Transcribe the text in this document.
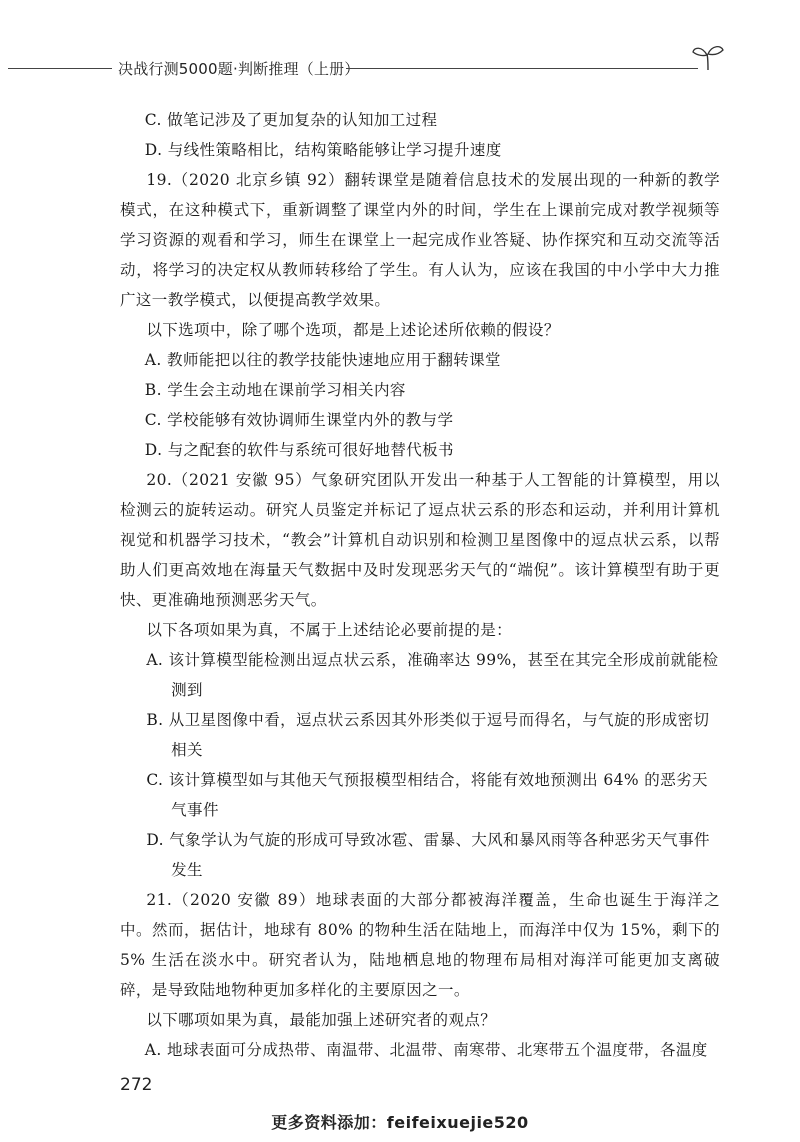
决战行测5000题·判断推理（上册）

C. 做笔记涉及了更加复杂的认知加工过程

D. 与线性策略相比，结构策略能够让学习提升速度

19.（2020 北京乡镇 92）翻转课堂是随着信息技术的发展出现的一种新的教学模式，在这种模式下，重新调整了课堂内外的时间，学生在上课前完成对教学视频等学习资源的观看和学习，师生在课堂上一起完成作业答疑、协作探究和互动交流等活动，将学习的决定权从教师转移给了学生。有人认为，应该在我国的中小学中大力推广这一教学模式，以便提高教学效果。

以下选项中，除了哪个选项，都是上述论述所依赖的假设？

A. 教师能把以往的教学技能快速地应用于翻转课堂

B. 学生会主动地在课前学习相关内容

C. 学校能够有效协调师生课堂内外的教与学

D. 与之配套的软件与系统可很好地替代板书

20.（2021 安徽 95）气象研究团队开发出一种基于人工智能的计算模型，用以检测云的旋转运动。研究人员鉴定并标记了逗点状云系的形态和运动，并利用计算机视觉和机器学习技术，“教会”计算机自动识别和检测卫星图像中的逗点状云系，以帮助人们更高效地在海量天气数据中及时发现恶劣天气的“端倪”。该计算模型有助于更快、更准确地预测恶劣天气。

以下各项如果为真，不属于上述结论必要前提的是：

A. 该计算模型能检测出逗点状云系，准确率达 99%，甚至在其完全形成前就能检测到

B. 从卫星图像中看，逗点状云系因其外形类似于逗号而得名，与气旋的形成密切相关

C. 该计算模型如与其他天气预报模型相结合，将能有效地预测出 64% 的恶劣天气事件

D. 气象学认为气旋的形成可导致冰雹、雷暴、大风和暴风雨等各种恶劣天气事件发生

21.（2020 安徽 89）地球表面的大部分都被海洋覆盖，生命也诞生于海洋之中。然而，据估计，地球有 80% 的物种生活在陆地上，而海洋中仅为 15%，剩下的 5% 生活在淡水中。研究者认为，陆地栖息地的物理布局相对海洋可能更加支离破碎，是导致陆地物种更加多样化的主要原因之一。

以下哪项如果为真，最能加强上述研究者的观点？

A. 地球表面可分成热带、南温带、北温带、南寒带、北寒带五个温度带，各温度

272
更多资料添加：feifeixuejie520
